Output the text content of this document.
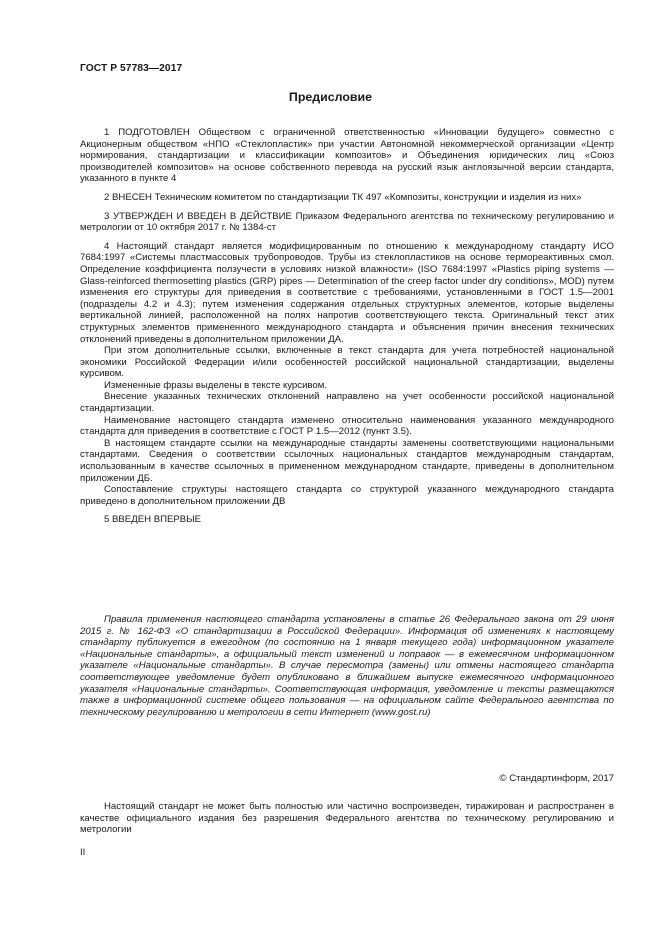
ГОСТ Р 57783—2017
Предисловие

1 ПОДГОТОВЛЕН Обществом с ограниченной ответственностью «Инновации будущего» совместно с Акционерным обществом «НПО «Стеклопластик» при участии Автономной некоммерческой организации «Центр нормирования, стандартизации и классификации композитов» и Объединения юридических лиц «Союз производителей композитов» на основе собственного перевода на русский язык англоязычной версии стандарта, указанного в пункте 4

2 ВНЕСЕН Техническим комитетом по стандартизации ТК 497 «Композиты, конструкции и изделия из них»

3 УТВЕРЖДЕН И ВВЕДЕН В ДЕЙСТВИЕ Приказом Федерального агентства по техническому регулированию и метрологии от 10 октября 2017 г. № 1384-ст

4 Настоящий стандарт является модифицированным по отношению к международному стандарту ИСО 7684:1997 «Системы пластмассовых трубопроводов. Трубы из стеклопластиков на основе термореактивных смол. Определение коэффициента ползучести в условиях низкой влажности» (ISO 7684:1997 «Plastics piping systems — Glass-reinforced thermosetting plastics (GRP) pipes — Determination of the creep factor under dry conditions», MOD) путем изменения его структуры для приведения в соответствие с требованиями, установленными в ГОСТ 1.5—2001 (подразделы 4.2 и 4.3); путем изменения содержания отдельных структурных элементов, которые выделены вертикальной линией, расположенной на полях напротив соответствующего текста. Оригинальный текст этих структурных элементов примененного международного стандарта и объяснения причин внесения технических отклонений приведены в дополнительном приложении ДА.

При этом дополнительные ссылки, включенные в текст стандарта для учета потребностей национальной экономики Российской Федерации и/или особенностей российской национальной стандартизации, выделены курсивом.

Измененные фразы выделены в тексте курсивом.

Внесение указанных технических отклонений направлено на учет особенности российской национальной стандартизации.

Наименование настоящего стандарта изменено относительно наименования указанного международного стандарта для приведения в соответствие с ГОСТ Р 1.5—2012 (пункт 3.5).

В настоящем стандарте ссылки на международные стандарты заменены соответствующими национальными стандартами. Сведения о соответствии ссылочных национальных стандартов международным стандартам, использованным в качестве ссылочных в примененном международном стандарте, приведены в дополнительном приложении ДБ.

Сопоставление структуры настоящего стандарта со структурой указанного международного стандарта приведено в дополнительном приложении ДВ

5 ВВЕДЕН ВПЕРВЫЕ

Правила применения настоящего стандарта установлены в статье 26 Федерального закона от 29 июня 2015 г. № 162-ФЗ «О стандартизации в Российской Федерации». Информация об изменениях к настоящему стандарту публикуется в ежегодном (по состоянию на 1 января текущего года) информационном указателе «Национальные стандарты», а официальный текст изменений и поправок — в ежемесячном информационном указателе «Национальные стандарты». В случае пересмотра (замены) или отмены настоящего стандарта соответствующее уведомление будет опубликовано в ближайшем выпуске ежемесячного информационного указателя «Национальные стандарты». Соответствующая информация, уведомление и тексты размещаются также в информационной системе общего пользования — на официальном сайте Федерального агентства по техническому регулированию и метрологии в сети Интернет (www.gost.ru)

© Стандартинформ, 2017

Настоящий стандарт не может быть полностью или частично воспроизведен, тиражирован и распространен в качестве официального издания без разрешения Федерального агентства по техническому регулированию и метрологии

II
